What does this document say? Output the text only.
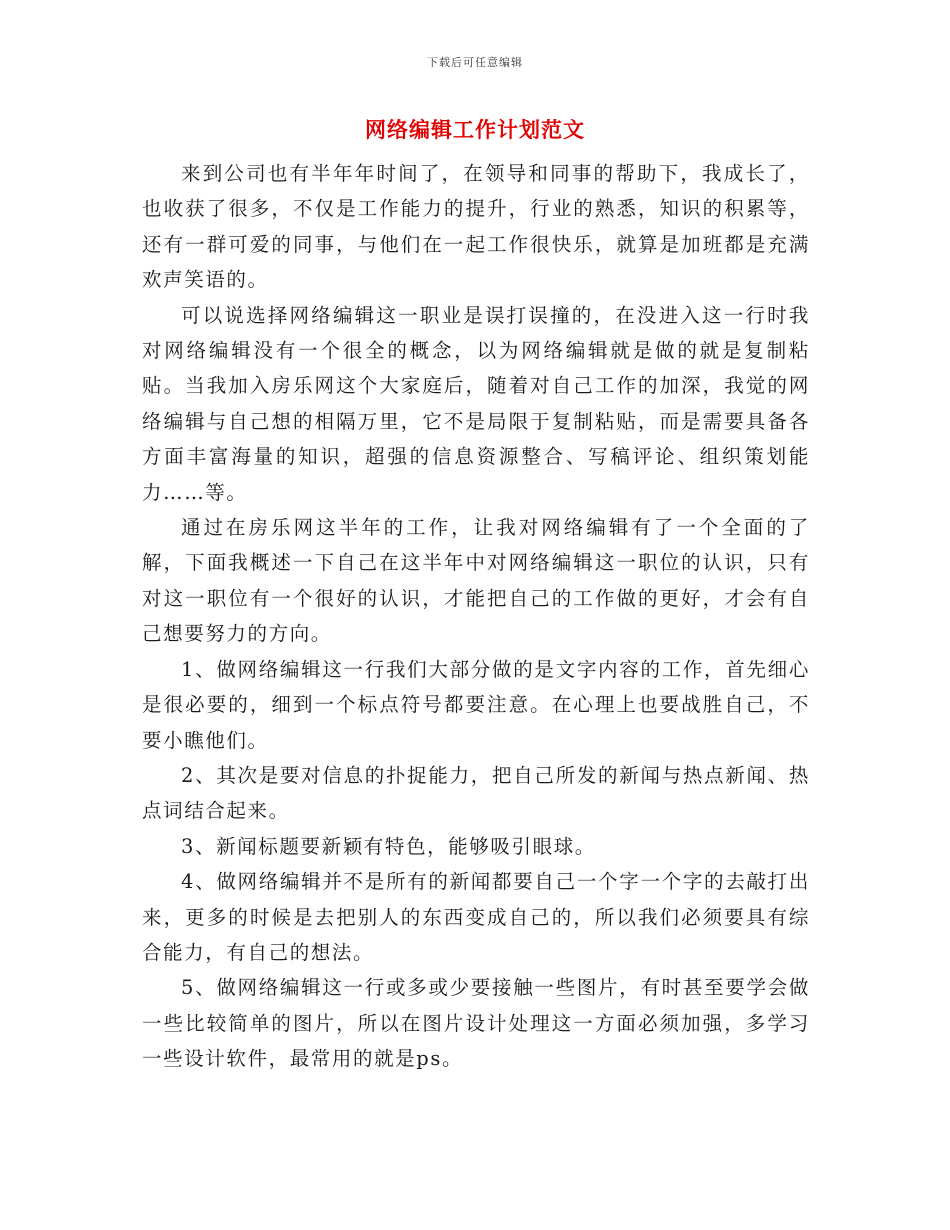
下载后可任意编辑
网络编辑工作计划范文

来到公司也有半年年时间了，在领导和同事的帮助下，我成长了，也收获了很多，不仅是工作能力的提升，行业的熟悉，知识的积累等，还有一群可爱的同事，与他们在一起工作很快乐，就算是加班都是充满欢声笑语的。

可以说选择网络编辑这一职业是误打误撞的，在没进入这一行时我对网络编辑没有一个很全的概念，以为网络编辑就是做的就是复制粘贴。当我加入房乐网这个大家庭后，随着对自己工作的加深，我觉的网络编辑与自己想的相隔万里，它不是局限于复制粘贴，而是需要具备各方面丰富海量的知识，超强的信息资源整合、写稿评论、组织策划能力……等。

通过在房乐网这半年的工作，让我对网络编辑有了一个全面的了解，下面我概述一下自己在这半年中对网络编辑这一职位的认识，只有对这一职位有一个很好的认识，才能把自己的工作做的更好，才会有自己想要努力的方向。

1、做网络编辑这一行我们大部分做的是文字内容的工作，首先细心是很必要的，细到一个标点符号都要注意。在心理上也要战胜自己，不要小瞧他们。

2、其次是要对信息的扑捉能力，把自己所发的新闻与热点新闻、热点词结合起来。

3、新闻标题要新颖有特色，能够吸引眼球。

4、做网络编辑并不是所有的新闻都要自己一个字一个字的去敲打出来，更多的时候是去把别人的东西变成自己的，所以我们必须要具有综合能力，有自己的想法。

5、做网络编辑这一行或多或少要接触一些图片，有时甚至要学会做一些比较简单的图片，所以在图片设计处理这一方面必须加强，多学习一些设计软件，最常用的就是ps。
